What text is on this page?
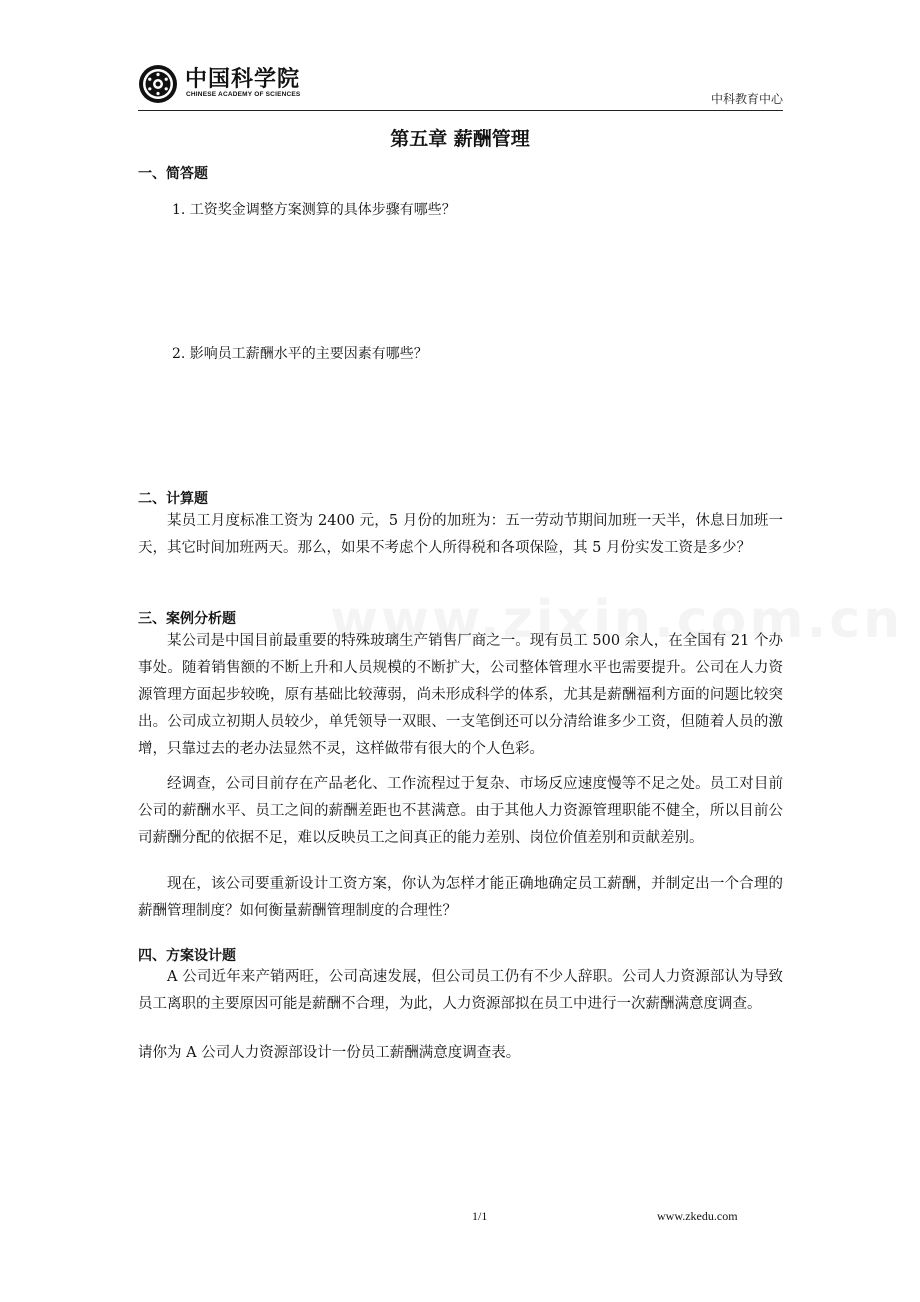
中国科学院
CHINESE ACADEMY OF SCIENCES	中科教育中心
第五章 薪酬管理
一、简答题
1. 工资奖金调整方案测算的具体步骤有哪些？
2. 影响员工薪酬水平的主要因素有哪些？
二、计算题

某员工月度标准工资为 2400 元，5 月份的加班为：五一劳动节期间加班一天半，休息日加班一天，其它时间加班两天。那么，如果不考虑个人所得税和各项保险，其 5 月份实发工资是多少？

三、案例分析题

某公司是中国目前最重要的特殊玻璃生产销售厂商之一。现有员工 500 余人，在全国有 21 个办事处。随着销售额的不断上升和人员规模的不断扩大，公司整体管理水平也需要提升。公司在人力资源管理方面起步较晚，原有基础比较薄弱，尚未形成科学的体系，尤其是薪酬福利方面的问题比较突出。公司成立初期人员较少，单凭领导一双眼、一支笔倒还可以分清给谁多少工资，但随着人员的激增，只靠过去的老办法显然不灵，这样做带有很大的个人色彩。

经调查，公司目前存在产品老化、工作流程过于复杂、市场反应速度慢等不足之处。员工对目前公司的薪酬水平、员工之间的薪酬差距也不甚满意。由于其他人力资源管理职能不健全，所以目前公司薪酬分配的依据不足，难以反映员工之间真正的能力差别、岗位价值差别和贡献差别。

现在，该公司要重新设计工资方案，你认为怎样才能正确地确定员工薪酬，并制定出一个合理的薪酬管理制度？如何衡量薪酬管理制度的合理性？

四、方案设计题

A 公司近年来产销两旺，公司高速发展，但公司员工仍有不少人辞职。公司人力资源部认为导致员工离职的主要原因可能是薪酬不合理，为此，人力资源部拟在员工中进行一次薪酬满意度调查。

请你为 A 公司人力资源部设计一份员工薪酬满意度调查表。

1/1	www.zkedu.com
